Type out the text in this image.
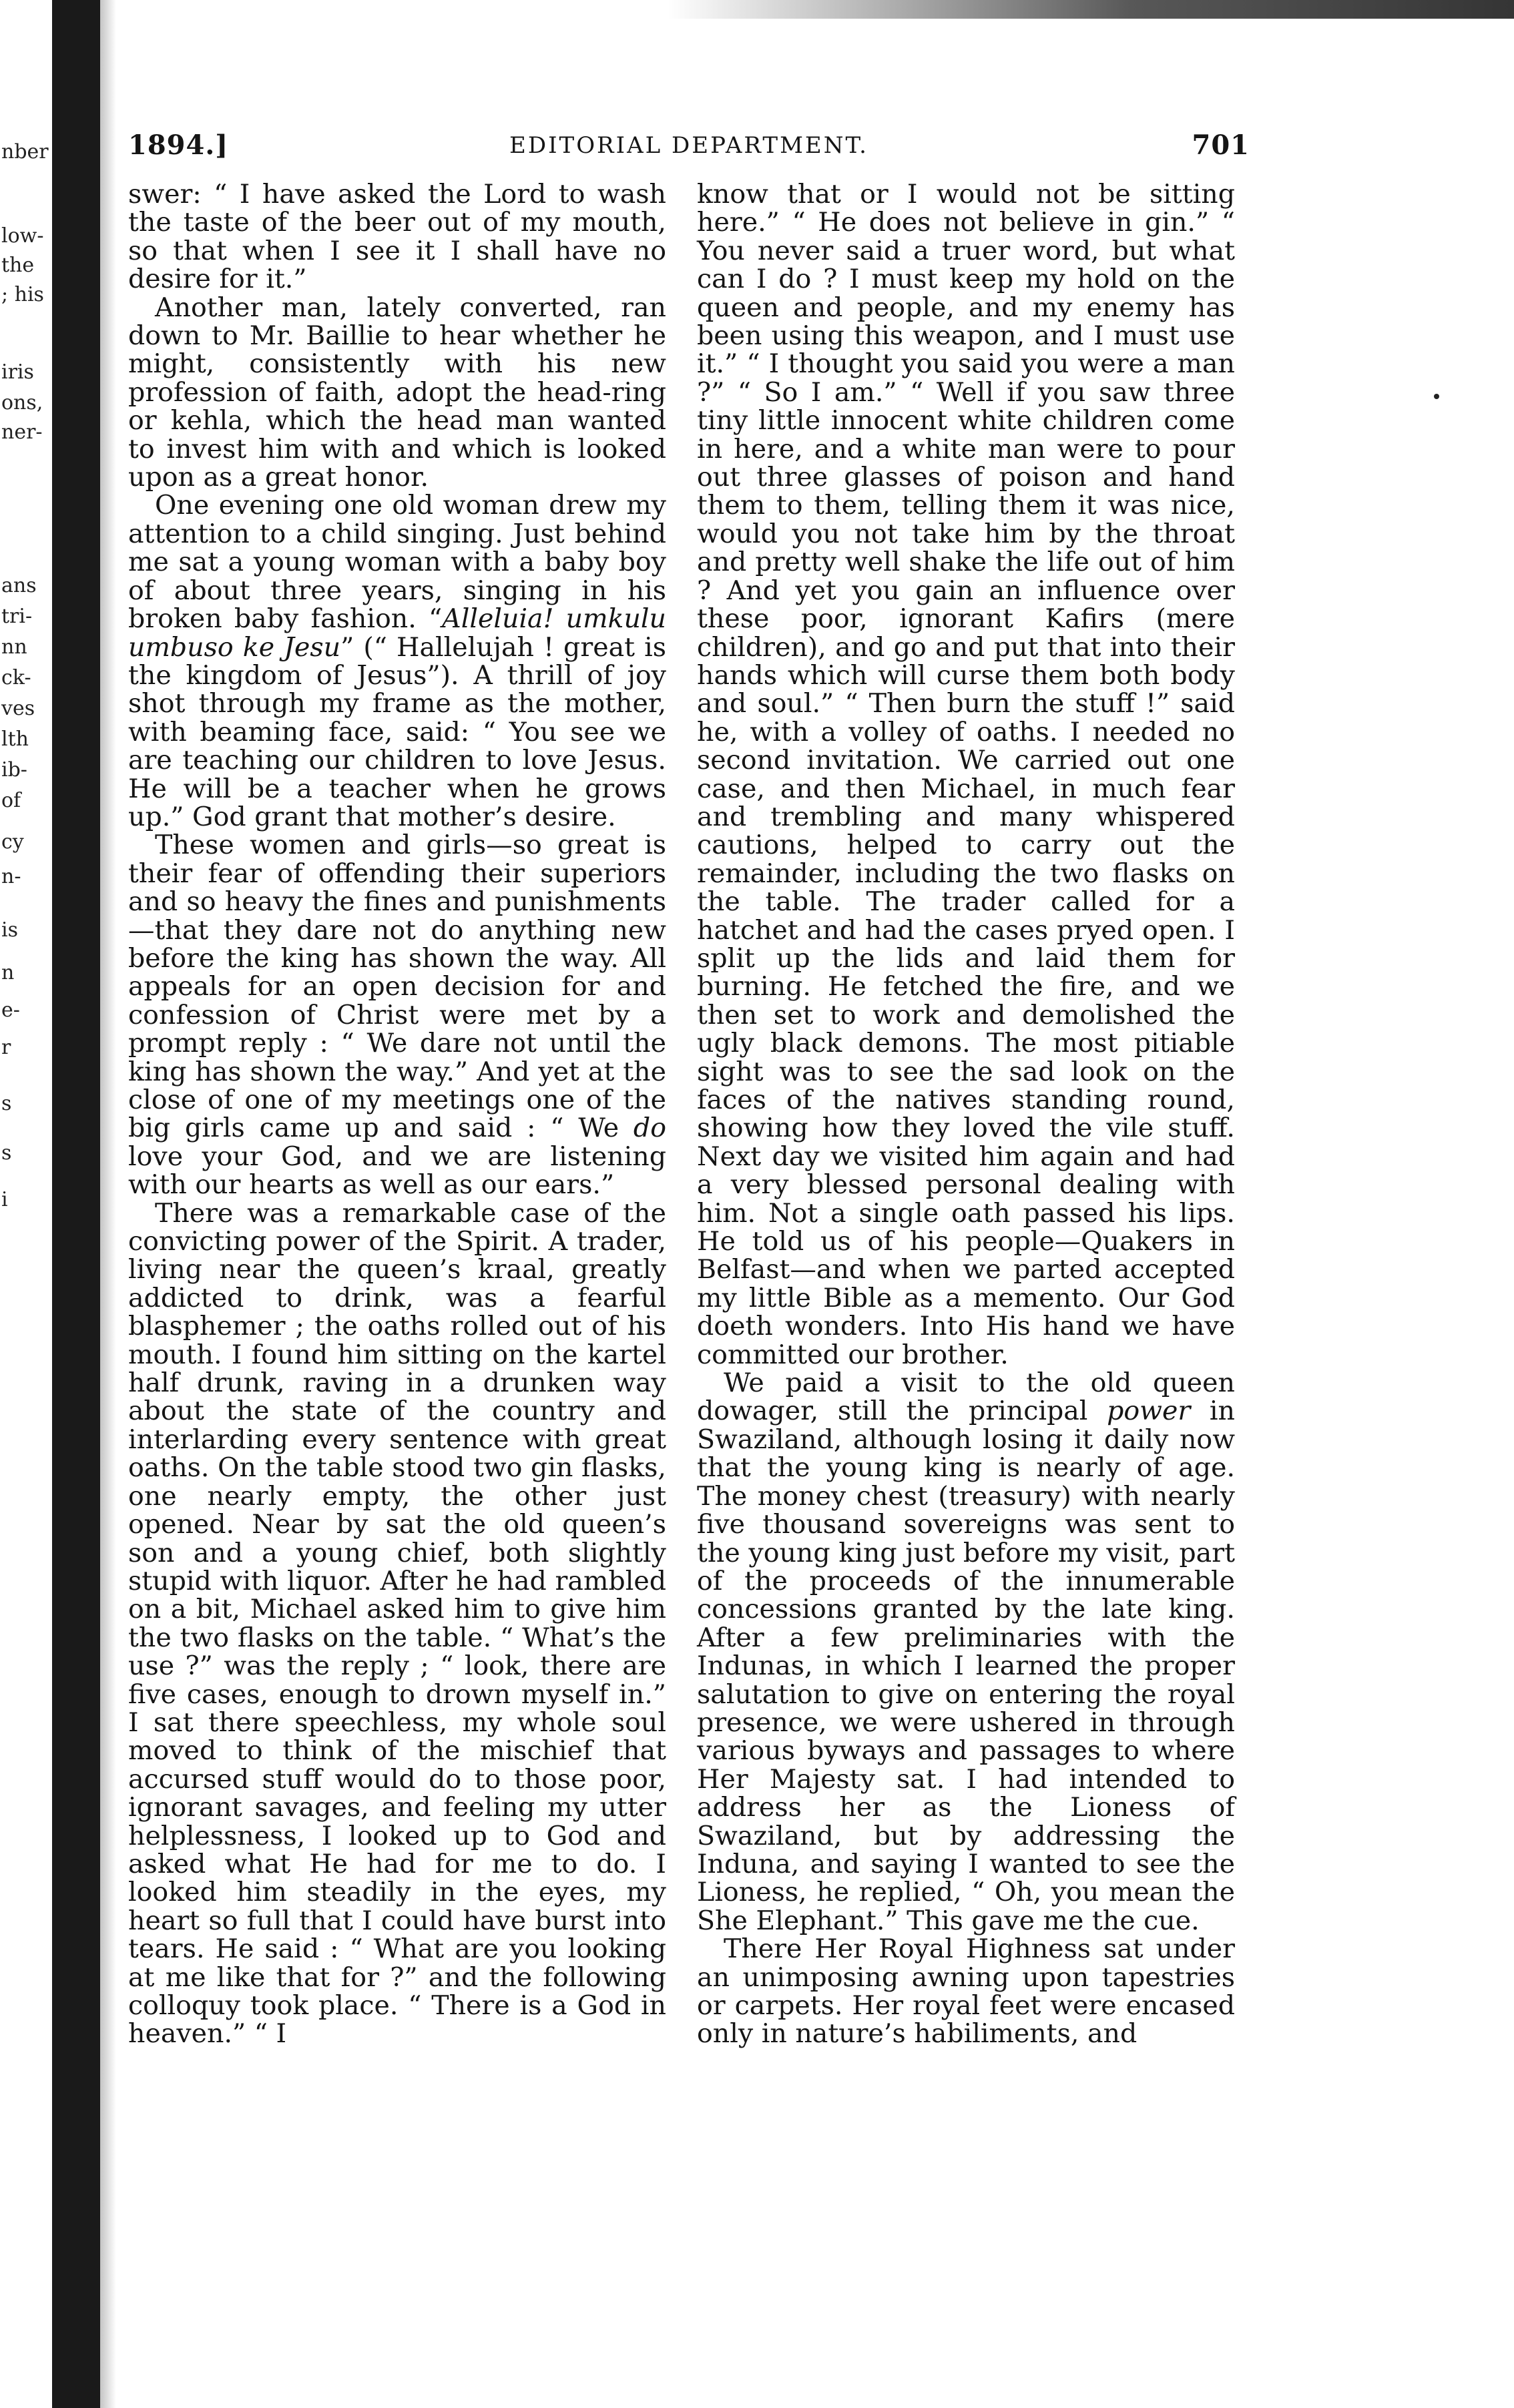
nber
low-
the
; his
iris
ons,
ner-
ans
tri-
nn
ck-
ves
lth
ib-
of
cy
n-
is
n
e-
r
s
s
i
1894.]	EDITORIAL DEPARTMENT.	701

swer: “ I have asked the Lord to wash the taste of the beer out of my mouth, so that when I see it I shall have no desire for it.”

Another man, lately converted, ran down to Mr. Baillie to hear whether he might, consistently with his new profession of faith, adopt the head-ring or kehla, which the head man wanted to invest him with and which is looked upon as a great honor.

One evening one old woman drew my attention to a child singing. Just behind me sat a young woman with a baby boy of about three years, singing in his broken baby fashion. “Alleluia! umkulu umbuso ke Jesu” (“ Hallelujah ! great is the kingdom of Jesus”). A thrill of joy shot through my frame as the mother, with beaming face, said: “ You see we are teaching our children to love Jesus. He will be a teacher when he grows up.” God grant that mother’s desire.

These women and girls—so great is their fear of offending their superiors and so heavy the fines and punishments —that they dare not do anything new before the king has shown the way. All appeals for an open decision for and confession of Christ were met by a prompt reply : “ We dare not until the king has shown the way.” And yet at the close of one of my meetings one of the big girls came up and said : “ We do love your God, and we are listening with our hearts as well as our ears.”

There was a remarkable case of the convicting power of the Spirit. A trader, living near the queen’s kraal, greatly addicted to drink, was a fearful blasphemer ; the oaths rolled out of his mouth. I found him sitting on the kartel half drunk, raving in a drunken way about the state of the country and interlarding every sentence with great oaths. On the table stood two gin flasks, one nearly empty, the other just opened. Near by sat the old queen’s son and a young chief, both slightly stupid with liquor. After he had rambled on a bit, Michael asked him to give him the two flasks on the table. “ What’s the use ?” was the reply ; “ look, there are five cases, enough to drown myself in.” I sat there speechless, my whole soul moved to think of the mischief that accursed stuff would do to those poor, ignorant savages, and feeling my utter helplessness, I looked up to God and asked what He had for me to do. I looked him steadily in the eyes, my heart so full that I could have burst into tears. He said : “ What are you looking at me like that for ?” and the following colloquy took place. “ There is a God in heaven.” “ I

know that or I would not be sitting here.” “ He does not believe in gin.” “ You never said a truer word, but what can I do ? I must keep my hold on the queen and people, and my enemy has been using this weapon, and I must use it.” “ I thought you said you were a man ?” “ So I am.” “ Well if you saw three tiny little innocent white children come in here, and a white man were to pour out three glasses of poison and hand them to them, telling them it was nice, would you not take him by the throat and pretty well shake the life out of him ? And yet you gain an influence over these poor, ignorant Kafirs (mere children), and go and put that into their hands which will curse them both body and soul.” “ Then burn the stuff !” said he, with a volley of oaths. I needed no second invitation. We carried out one case, and then Michael, in much fear and trembling and many whispered cautions, helped to carry out the remainder, including the two flasks on the table. The trader called for a hatchet and had the cases pryed open. I split up the lids and laid them for burning. He fetched the fire, and we then set to work and demolished the ugly black demons. The most pitiable sight was to see the sad look on the faces of the natives standing round, showing how they loved the vile stuff. Next day we visited him again and had a very blessed personal dealing with him. Not a single oath passed his lips. He told us of his people—Quakers in Belfast—and when we parted accepted my little Bible as a memento. Our God doeth wonders. Into His hand we have committed our brother.

We paid a visit to the old queen dowager, still the principal power in Swaziland, although losing it daily now that the young king is nearly of age. The money chest (treasury) with nearly five thousand sovereigns was sent to the young king just before my visit, part of the proceeds of the innumerable concessions granted by the late king. After a few preliminaries with the Indunas, in which I learned the proper salutation to give on entering the royal presence, we were ushered in through various byways and passages to where Her Majesty sat. I had intended to address her as the Lioness of Swaziland, but by addressing the Induna, and saying I wanted to see the Lioness, he replied, “ Oh, you mean the She Elephant.” This gave me the cue.

There Her Royal Highness sat under an unimposing awning upon tapestries or carpets. Her royal feet were encased only in nature’s habiliments, and
